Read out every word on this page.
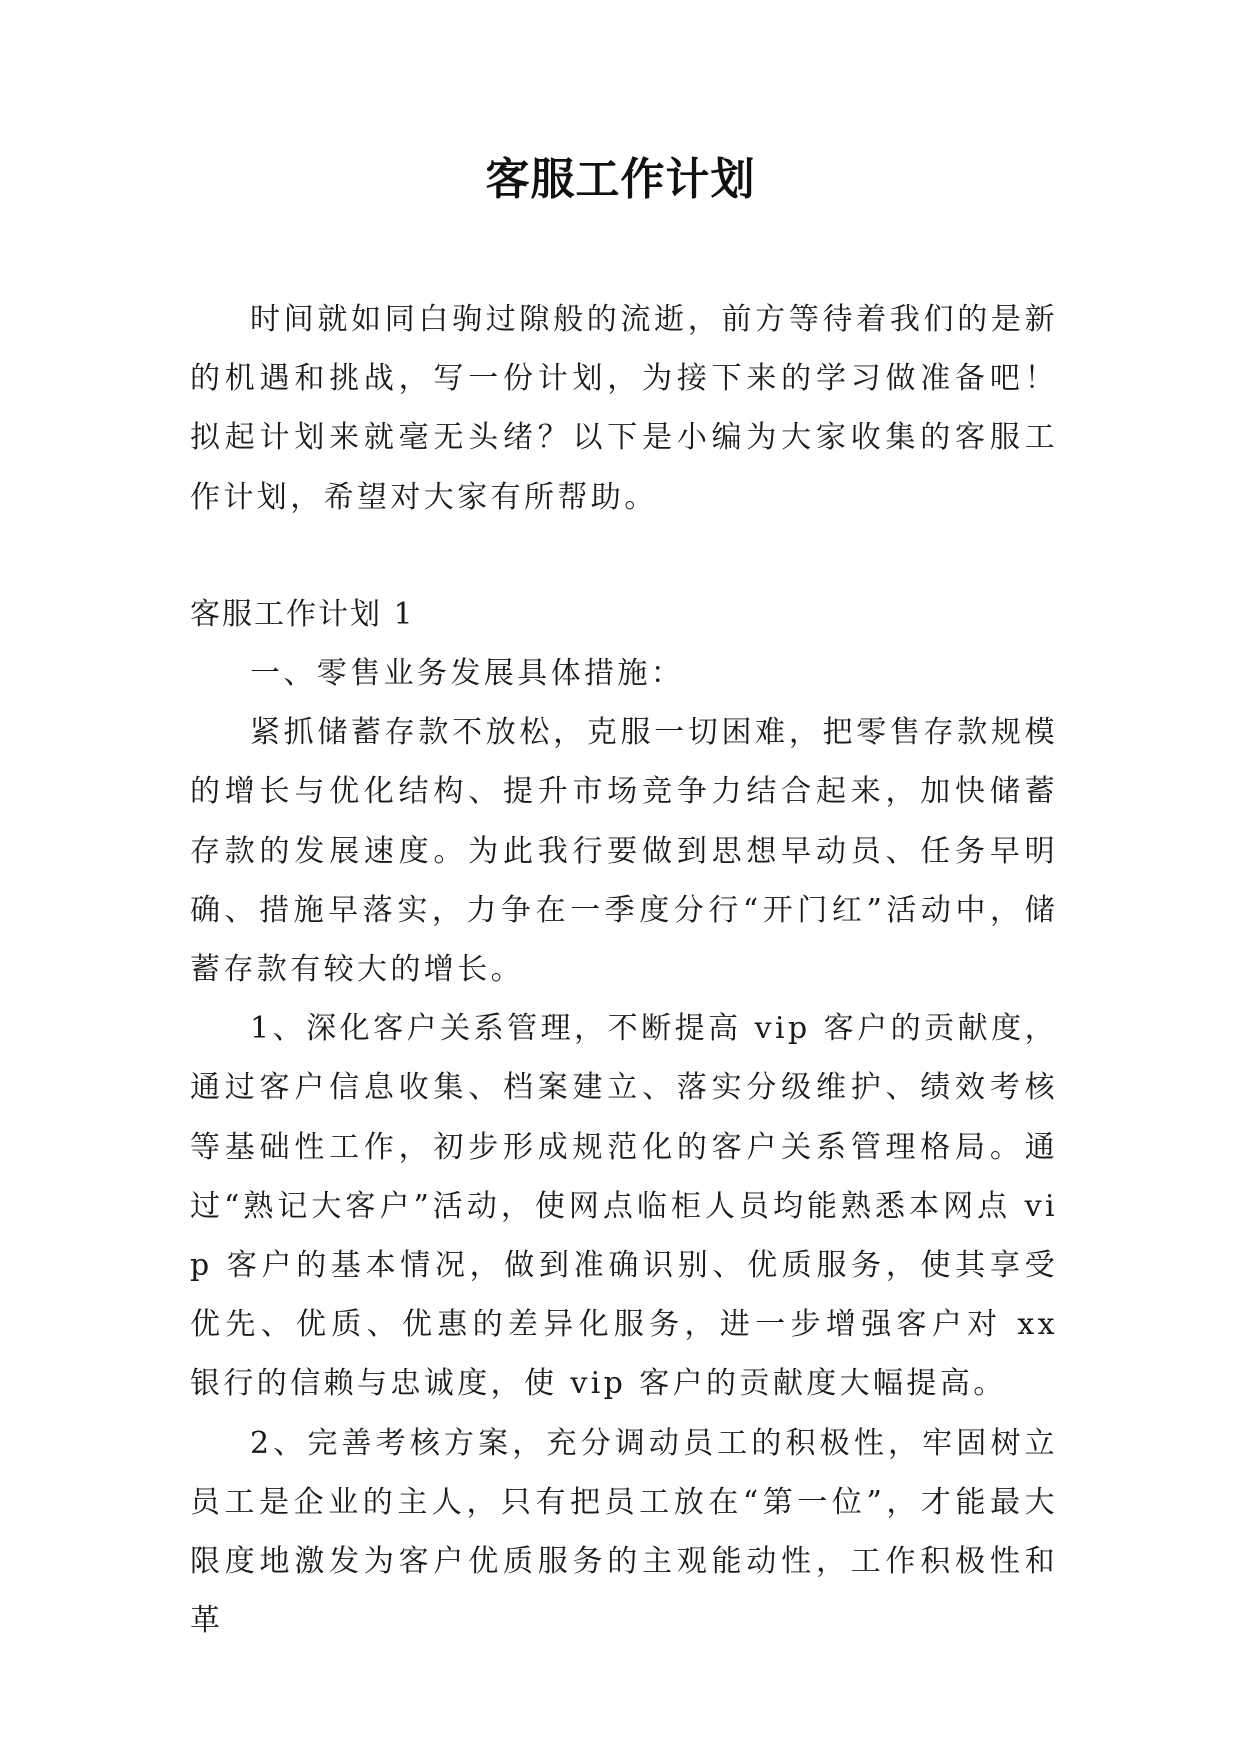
客服工作计划

时间就如同白驹过隙般的流逝，前方等待着我们的是新的机遇和挑战，写一份计划，为接下来的学习做准备吧！拟起计划来就毫无头绪？以下是小编为大家收集的客服工作计划，希望对大家有所帮助。

客服工作计划 1

一、零售业务发展具体措施：

紧抓储蓄存款不放松，克服一切困难，把零售存款规模的增长与优化结构、提升市场竞争力结合起来，加快储蓄存款的发展速度。为此我行要做到思想早动员、任务早明确、措施早落实，力争在一季度分行“开门红”活动中，储蓄存款有较大的增长。

1、深化客户关系管理，不断提高 vip 客户的贡献度，通过客户信息收集、档案建立、落实分级维护、绩效考核等基础性工作，初步形成规范化的客户关系管理格局。通过“熟记大客户”活动，使网点临柜人员均能熟悉本网点 vip 客户的基本情况，做到准确识别、优质服务，使其享受优先、优质、优惠的差异化服务，进一步增强客户对 xx 银行的信赖与忠诚度，使 vip 客户的贡献度大幅提高。

2、完善考核方案，充分调动员工的积极性，牢固树立员工是企业的主人，只有把员工放在“第一位”，才能最大限度地激发为客户优质服务的主观能动性，工作积极性和革
